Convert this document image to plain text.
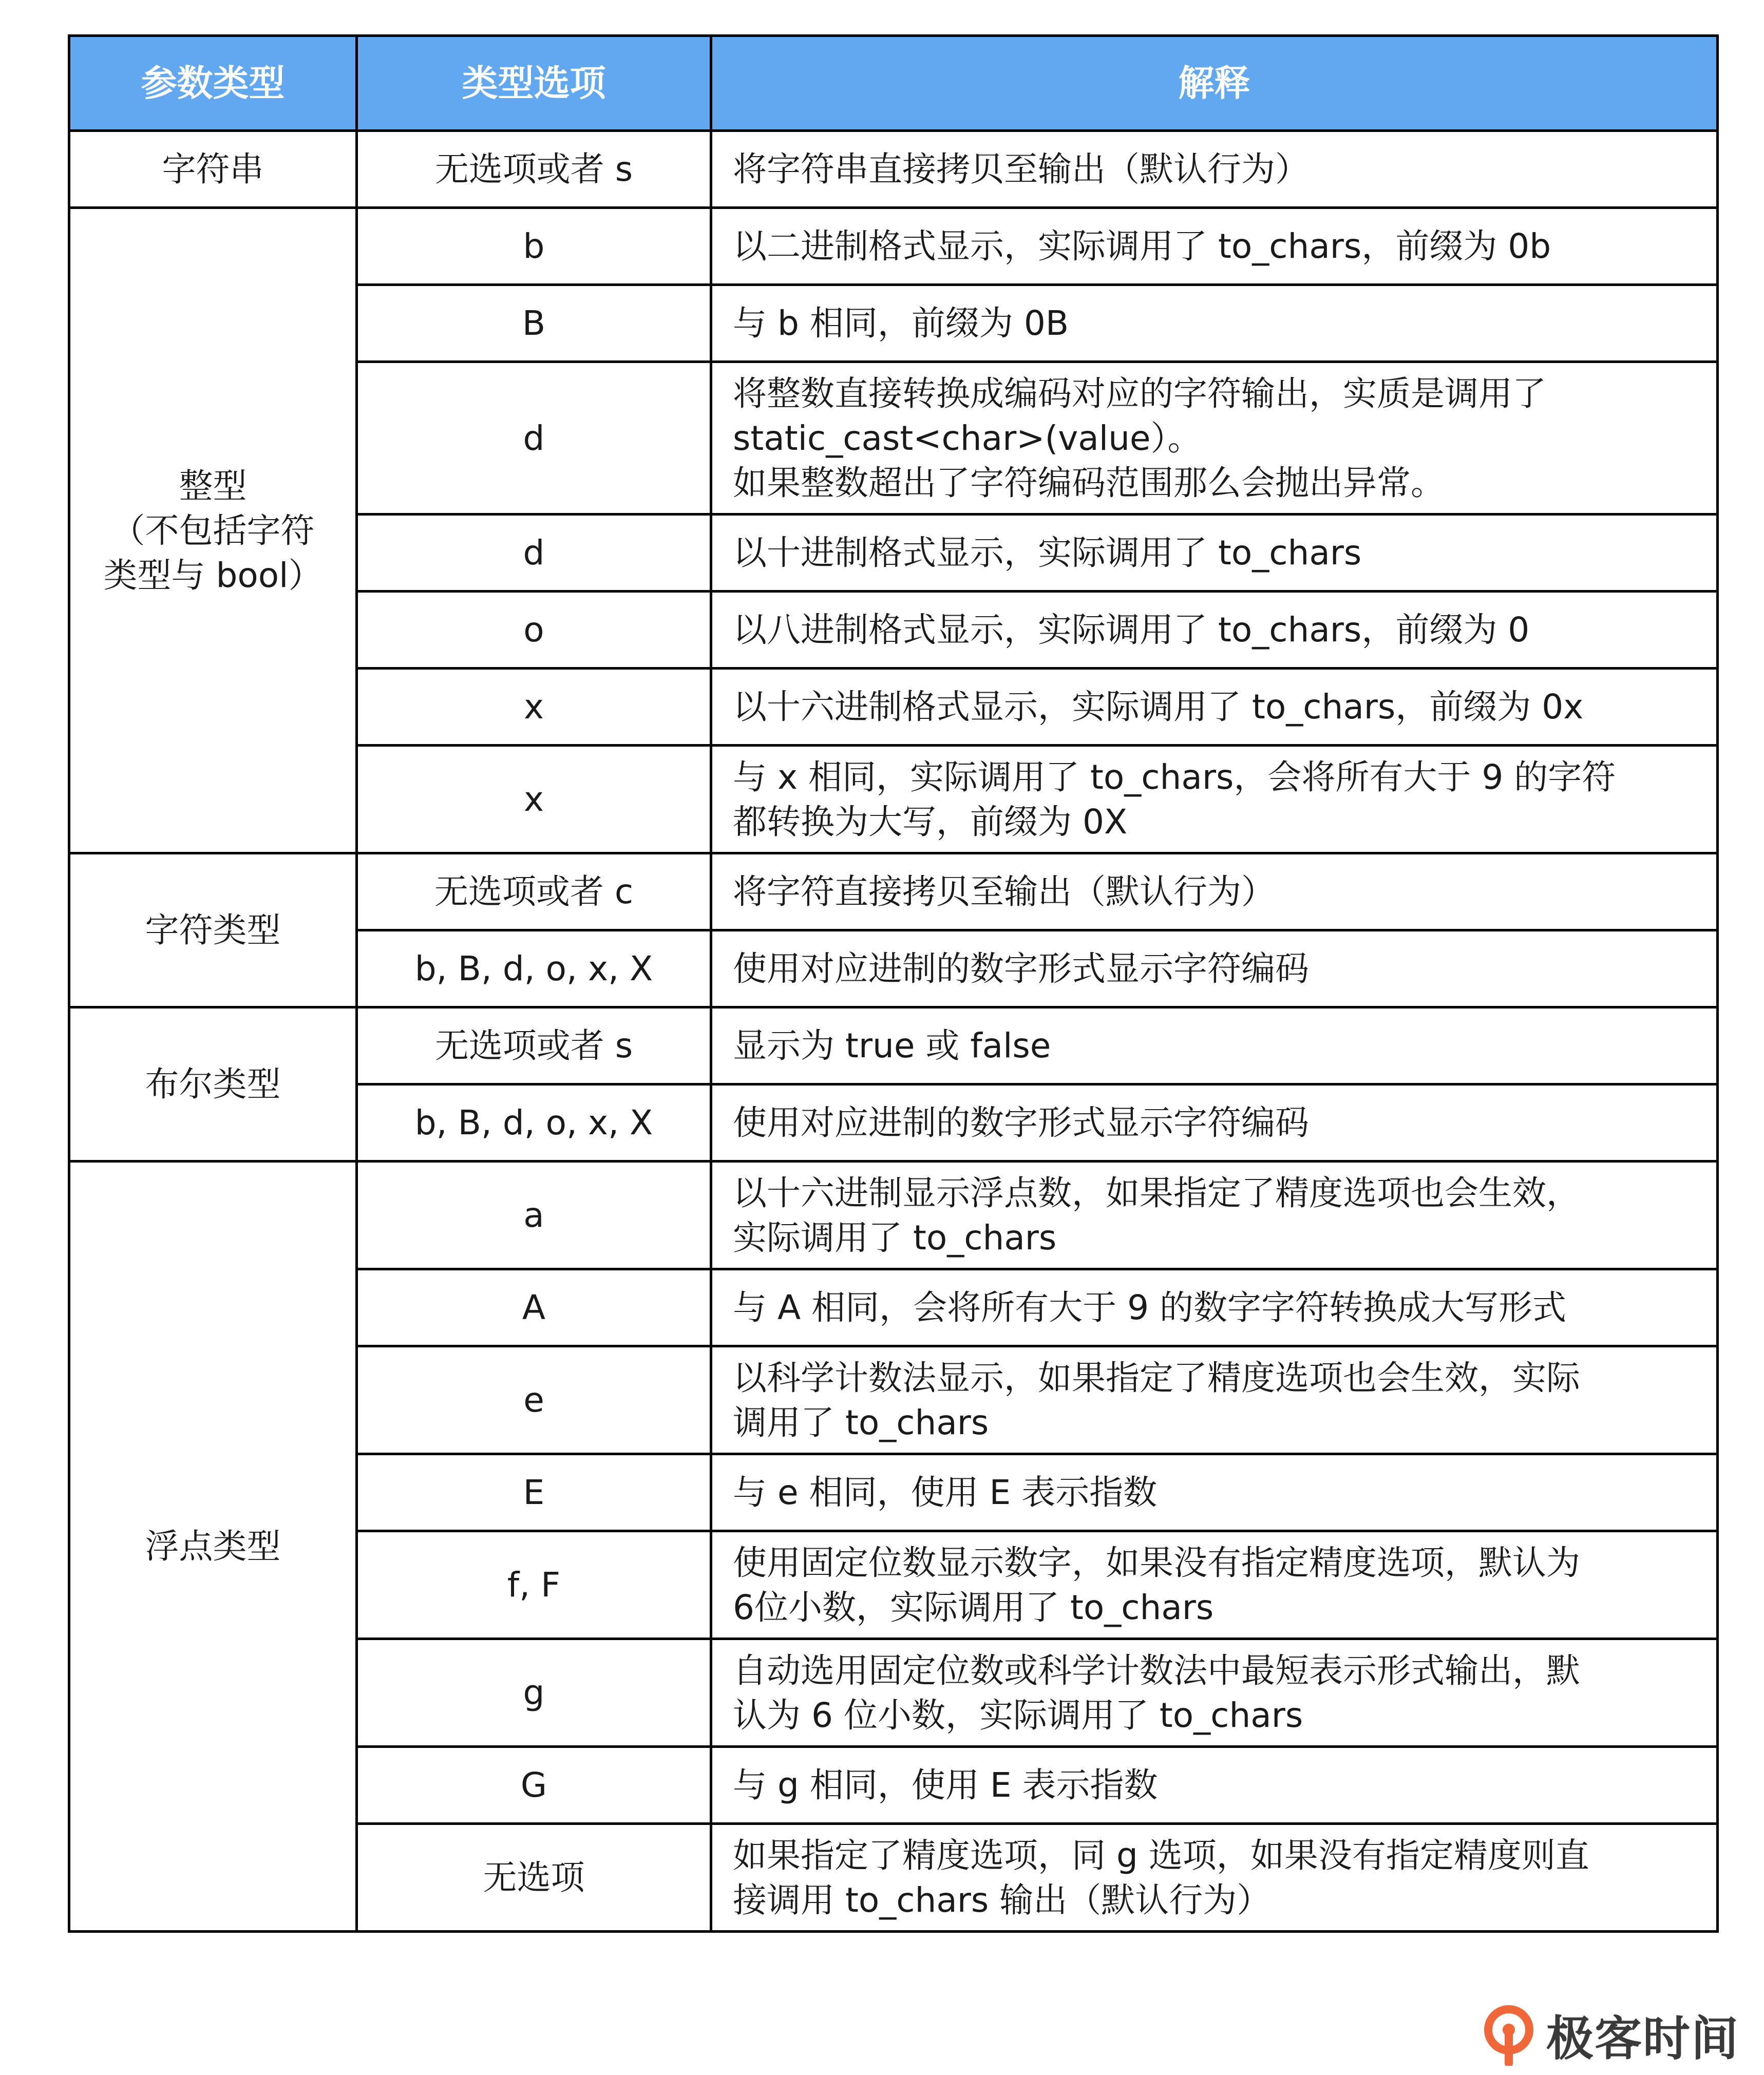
参数类型	类型选项	解释
字符串	无选项或者 s	将字符串直接拷贝至输出（默认行为）
整型
（不包括字符
类型与 bool）	b	以二进制格式显示，实际调用了 to_chars，前缀为 0b
	B	与 b 相同，前缀为 0B
	d	将整数直接转换成编码对应的字符输出，实质是调用了
static_cast<char>(value）。
如果整数超出了字符编码范围那么会抛出异常。
	d	以十进制格式显示，实际调用了 to_chars
	o	以八进制格式显示，实际调用了 to_chars，前缀为 0
	x	以十六进制格式显示，实际调用了 to_chars，前缀为 0x
	x	与 x 相同，实际调用了 to_chars，会将所有大于 9 的字符
都转换为大写，前缀为 0X
字符类型	无选项或者 c	将字符直接拷贝至输出（默认行为）
	b, B, d, o, x, X	使用对应进制的数字形式显示字符编码
布尔类型	无选项或者 s	显示为 true 或 false
	b, B, d, o, x, X	使用对应进制的数字形式显示字符编码
浮点类型	a	以十六进制显示浮点数，如果指定了精度选项也会生效，
实际调用了 to_chars
	A	与 A 相同，会将所有大于 9 的数字字符转换成大写形式
	e	以科学计数法显示，如果指定了精度选项也会生效，实际
调用了 to_chars
	E	与 e 相同，使用 E 表示指数
	f, F	使用固定位数显示数字，如果没有指定精度选项，默认为
6位小数，实际调用了 to_chars
	g	自动选用固定位数或科学计数法中最短表示形式输出，默
认为 6 位小数，实际调用了 to_chars
	G	与 g 相同，使用 E 表示指数
	无选项	如果指定了精度选项，同 g 选项，如果没有指定精度则直
接调用 to_chars 输出（默认行为）
极客时间
